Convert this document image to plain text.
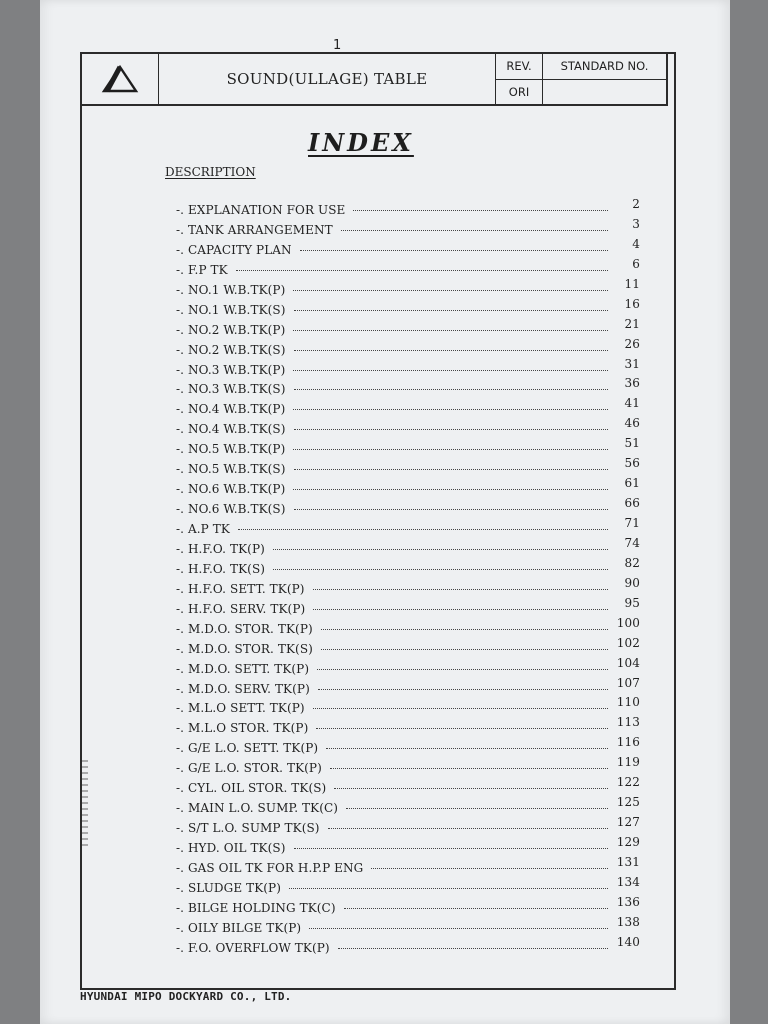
1
SOUND(ULLAGE) TABLE
REV.
ORI
STANDARD NO.
INDEX
DESCRIPTION
-. EXPLANATION FOR USE	2
-. TANK ARRANGEMENT	3
-. CAPACITY PLAN	4
-. F.P TK	6
-. NO.1 W.B.TK(P)	11
-. NO.1 W.B.TK(S)	16
-. NO.2 W.B.TK(P)	21
-. NO.2 W.B.TK(S)	26
-. NO.3 W.B.TK(P)	31
-. NO.3 W.B.TK(S)	36
-. NO.4 W.B.TK(P)	41
-. NO.4 W.B.TK(S)	46
-. NO.5 W.B.TK(P)	51
-. NO.5 W.B.TK(S)	56
-. NO.6 W.B.TK(P)	61
-. NO.6 W.B.TK(S)	66
-. A.P TK	71
-. H.F.O. TK(P)	74
-. H.F.O. TK(S)	82
-. H.F.O. SETT. TK(P)	90
-. H.F.O. SERV. TK(P)	95
-. M.D.O. STOR. TK(P)	100
-. M.D.O. STOR. TK(S)	102
-. M.D.O. SETT. TK(P)	104
-. M.D.O. SERV. TK(P)	107
-. M.L.O SETT. TK(P)	110
-. M.L.O STOR. TK(P)	113
-. G/E L.O. SETT. TK(P)	116
-. G/E L.O. STOR. TK(P)	119
-. CYL. OIL STOR. TK(S)	122
-. MAIN L.O. SUMP. TK(C)	125
-. S/T L.O. SUMP TK(S)	127
-. HYD. OIL TK(S)	129
-. GAS OIL TK FOR H.P.P ENG	131
-. SLUDGE TK(P)	134
-. BILGE HOLDING TK(C)	136
-. OILY BILGE TK(P)	138
-. F.O. OVERFLOW TK(P)	140
HYUNDAI MIPO DOCKYARD CO., LTD.
